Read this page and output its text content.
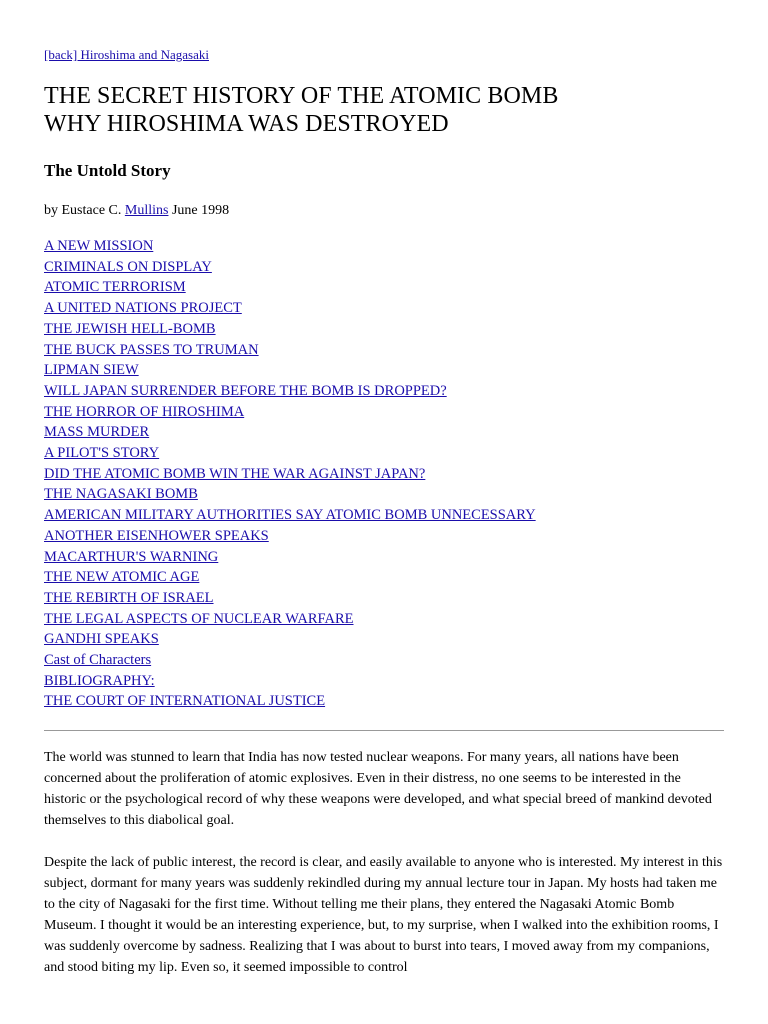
[back] Hiroshima and Nagasaki
THE SECRET HISTORY OF THE ATOMIC BOMB
WHY HIROSHIMA WAS DESTROYED
The Untold Story

by Eustace C. Mullins June 1998

A NEW MISSION
CRIMINALS ON DISPLAY
ATOMIC TERRORISM
A UNITED NATIONS PROJECT
THE JEWISH HELL-BOMB
THE BUCK PASSES TO TRUMAN
LIPMAN SIEW
WILL JAPAN SURRENDER BEFORE THE BOMB IS DROPPED?
THE HORROR OF HIROSHIMA
MASS MURDER
A PILOT'S STORY
DID THE ATOMIC BOMB WIN THE WAR AGAINST JAPAN?
THE NAGASAKI BOMB
AMERICAN MILITARY AUTHORITIES SAY ATOMIC BOMB UNNECESSARY
ANOTHER EISENHOWER SPEAKS
MACARTHUR'S WARNING
THE NEW ATOMIC AGE
THE REBIRTH OF ISRAEL
THE LEGAL ASPECTS OF NUCLEAR WARFARE
GANDHI SPEAKS
Cast of Characters
BIBLIOGRAPHY:
THE COURT OF INTERNATIONAL JUSTICE

The world was stunned to learn that India has now tested nuclear weapons. For many years, all nations have been concerned about the proliferation of atomic explosives. Even in their distress, no one seems to be interested in the historic or the psychological record of why these weapons were developed, and what special breed of mankind devoted themselves to this diabolical goal.

Despite the lack of public interest, the record is clear, and easily available to anyone who is interested. My interest in this subject, dormant for many years was suddenly rekindled during my annual lecture tour in Japan. My hosts had taken me to the city of Nagasaki for the first time. Without telling me their plans, they entered the Nagasaki Atomic Bomb Museum. I thought it would be an interesting experience, but, to my surprise, when I walked into the exhibition rooms, I was suddenly overcome by sadness. Realizing that I was about to burst into tears, I moved away from my companions, and stood biting my lip. Even so, it seemed impossible to control
